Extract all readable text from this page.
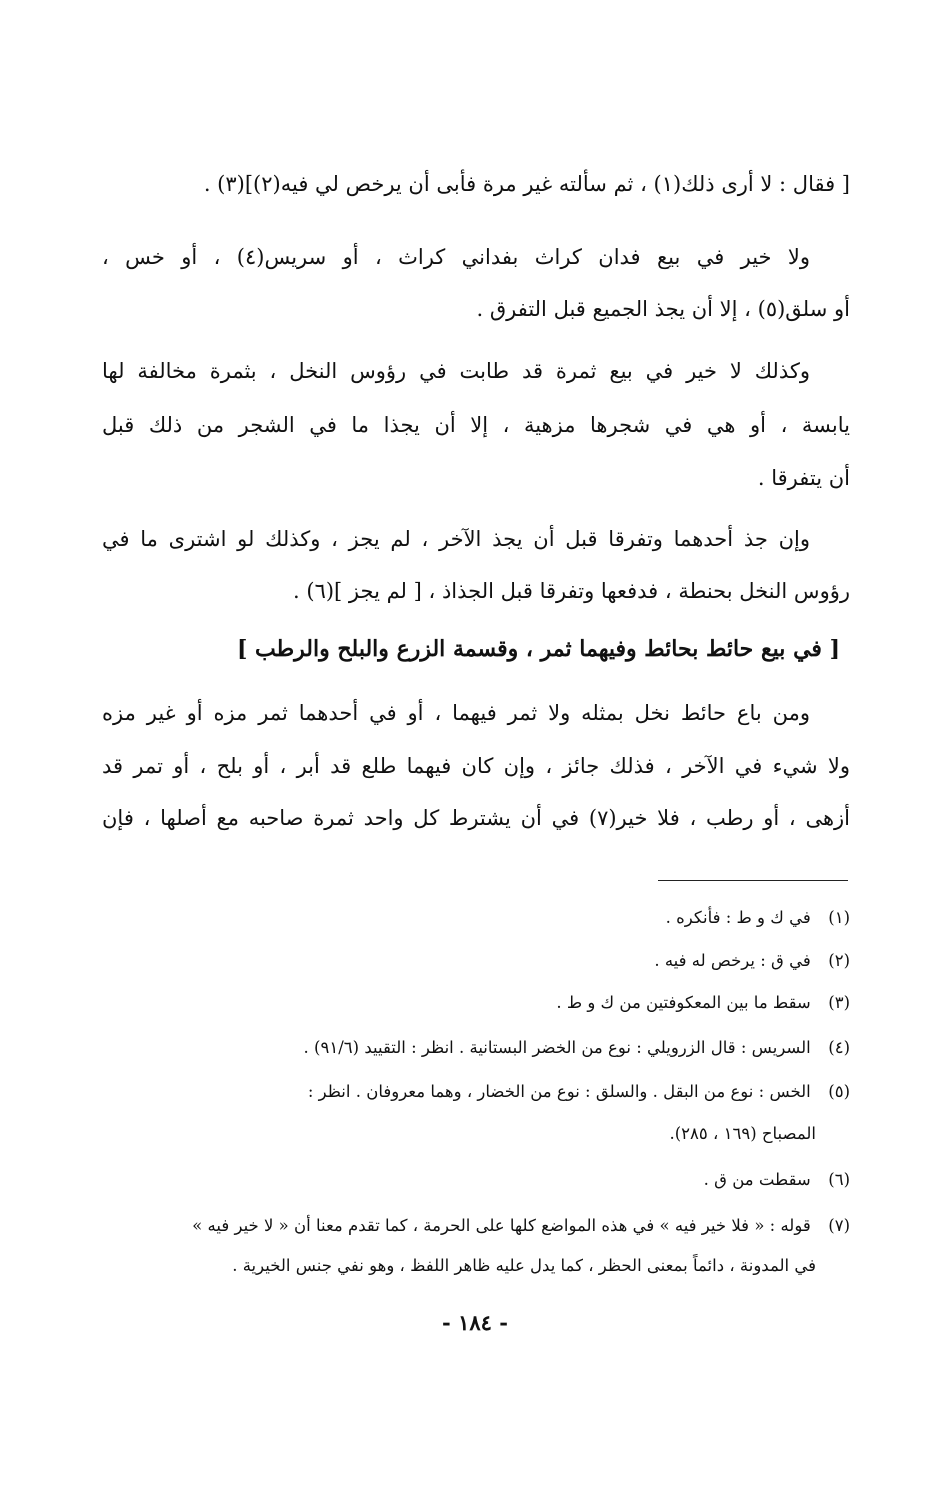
[ فقال : لا أرى ذلك(١) ، ثم سألته غير مرة فأبى أن يرخص لي فيه(٢)](٣) .
ولا خير في بيع فدان كراث بفداني كراث ، أو سريس(٤) ، أو خس ،
أو سلق(٥) ، إلا أن يجذ الجميع قبل التفرق .
وكذلك لا خير في بيع ثمرة قد طابت في رؤوس النخل ، بثمرة مخالفة لها
يابسة ، أو هي في شجرها مزهية ، إلا أن يجذا ما في الشجر من ذلك قبل
أن يتفرقا .
وإن جذ أحدهما وتفرقا قبل أن يجذ الآخر ، لم يجز ، وكذلك لو اشترى ما في
رؤوس النخل بحنطة ، فدفعها وتفرقا قبل الجذاذ ، [ لم يجز ](٦) .
[ في بيع حائط بحائط وفيهما ثمر ، وقسمة الزرع والبلح والرطب ]
ومن باع حائط نخل بمثله ولا ثمر فيهما ، أو في أحدهما ثمر مزه أو غير مزه
ولا شيء في الآخر ، فذلك جائز ، وإن كان فيهما طلع قد أبر ، أو بلح ، أو تمر قد
أزهى ، أو رطب ، فلا خير(٧) في أن يشترط كل واحد ثمرة صاحبه مع أصلها ، فإن
(١) في ك و ط : فأنكره .
(٢) في ق : يرخص له فيه .
(٣) سقط ما بين المعكوفتين من ك و ط .
(٤) السريس : قال الزرويلي : نوع من الخضر البستانية . انظر : التقييد (٩١/٦) .
(٥) الخس : نوع من البقل . والسلق : نوع من الخضار ، وهما معروفان . انظر :
المصباح (١٦٩ ، ٢٨٥).
(٦) سقطت من ق .
(٧) قوله : « فلا خير فيه » في هذه المواضع كلها على الحرمة ، كما تقدم معنا أن « لا خير فيه »
في المدونة ، دائماً بمعنى الحظر ، كما يدل عليه ظاهر اللفظ ، وهو نفي جنس الخيرية .
- ١٨٤ -
